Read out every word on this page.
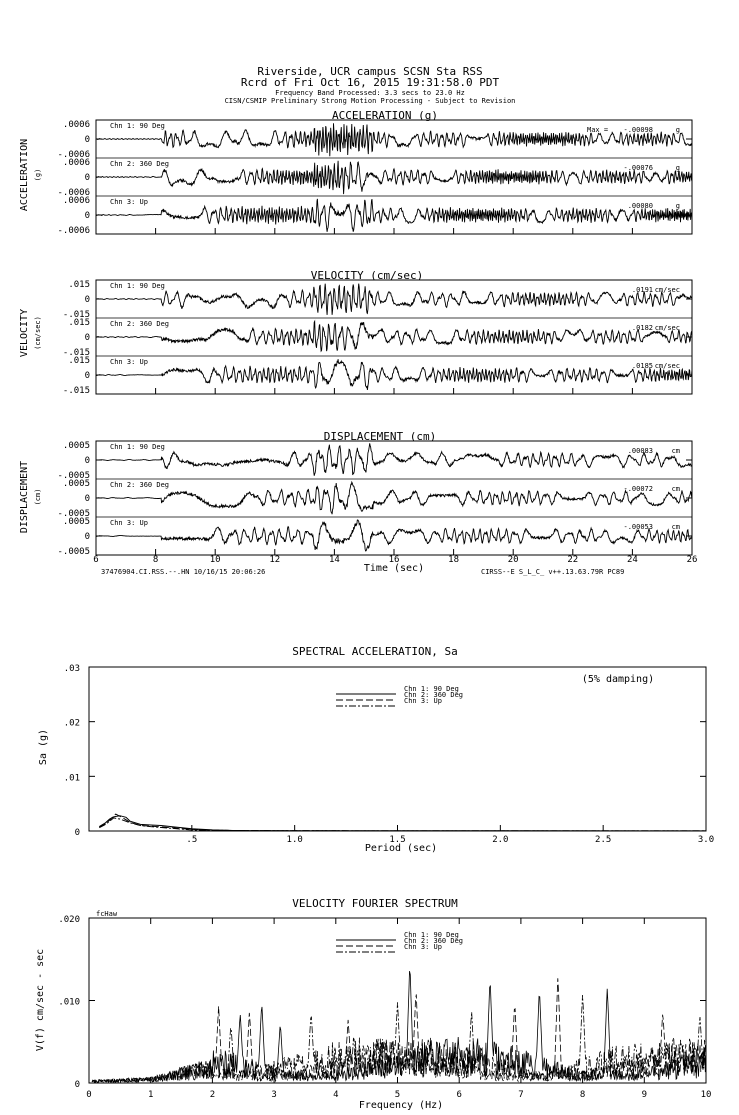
Riverside, UCR campus SCSN Sta RSS
Rcrd of Fri Oct 16, 2015 19:31:58.0 PDT
Frequency Band Processed: 3.3 secs to 23.0 Hz
CISN/CSMIP Preliminary Strong Motion Processing - Subject to Revision
ACCELERATION (g)
ACCELERATION (g)
.0006
0
-.0006
Chn 1: 90 Deg	Max = -.00098	g
.0006
0
-.0006
Chn 2: 360 Deg	-.00076	g
.0006
0
-.0006
Chn 3: Up	.00080	g
VELOCITY (cm/sec)
VELOCITY (cm/sec)
.015
0
-.015
Chn 1: 90 Deg	.0191 cm/sec
.015
0
-.015
Chn 2: 360 Deg	.0182 cm/sec
.015
0
-.015
Chn 3: Up	.0185 cm/sec
DISPLACEMENT (cm)
DISPLACEMENT (cm)
Time (sec)
37476904.CI.RSS.--.HN 10/16/15 20:06:26	CIRSS--E S_L_C_ v++.13.63.79R PC89
.0005
0
-.0005
Chn 1: 90 Deg	.00083	cm
.0005
0
-.0005
Chn 2: 360 Deg	-.00072	cm
.0005
0
-.0005
Chn 3: Up	-.00053	cm
6	8	10	12	14	16	18	20	22	24	26
SPECTRAL ACCELERATION, Sa
Sa (g)
Period (sec)
(5% damping)
.5	1.0	1.5	2.0	2.5	3.0
0
.01
.02
.03
Chn 1: 90 Deg
Chn 2: 360 Deg
Chn 3: Up
VELOCITY FOURIER SPECTRUM
fcHaw
V(f) cm/sec - sec
Frequency (Hz)
0	1	2	3	4	5	6	7	8	9	10
0
.010
.020
Chn 1: 90 Deg
Chn 2: 360 Deg
Chn 3: Up
